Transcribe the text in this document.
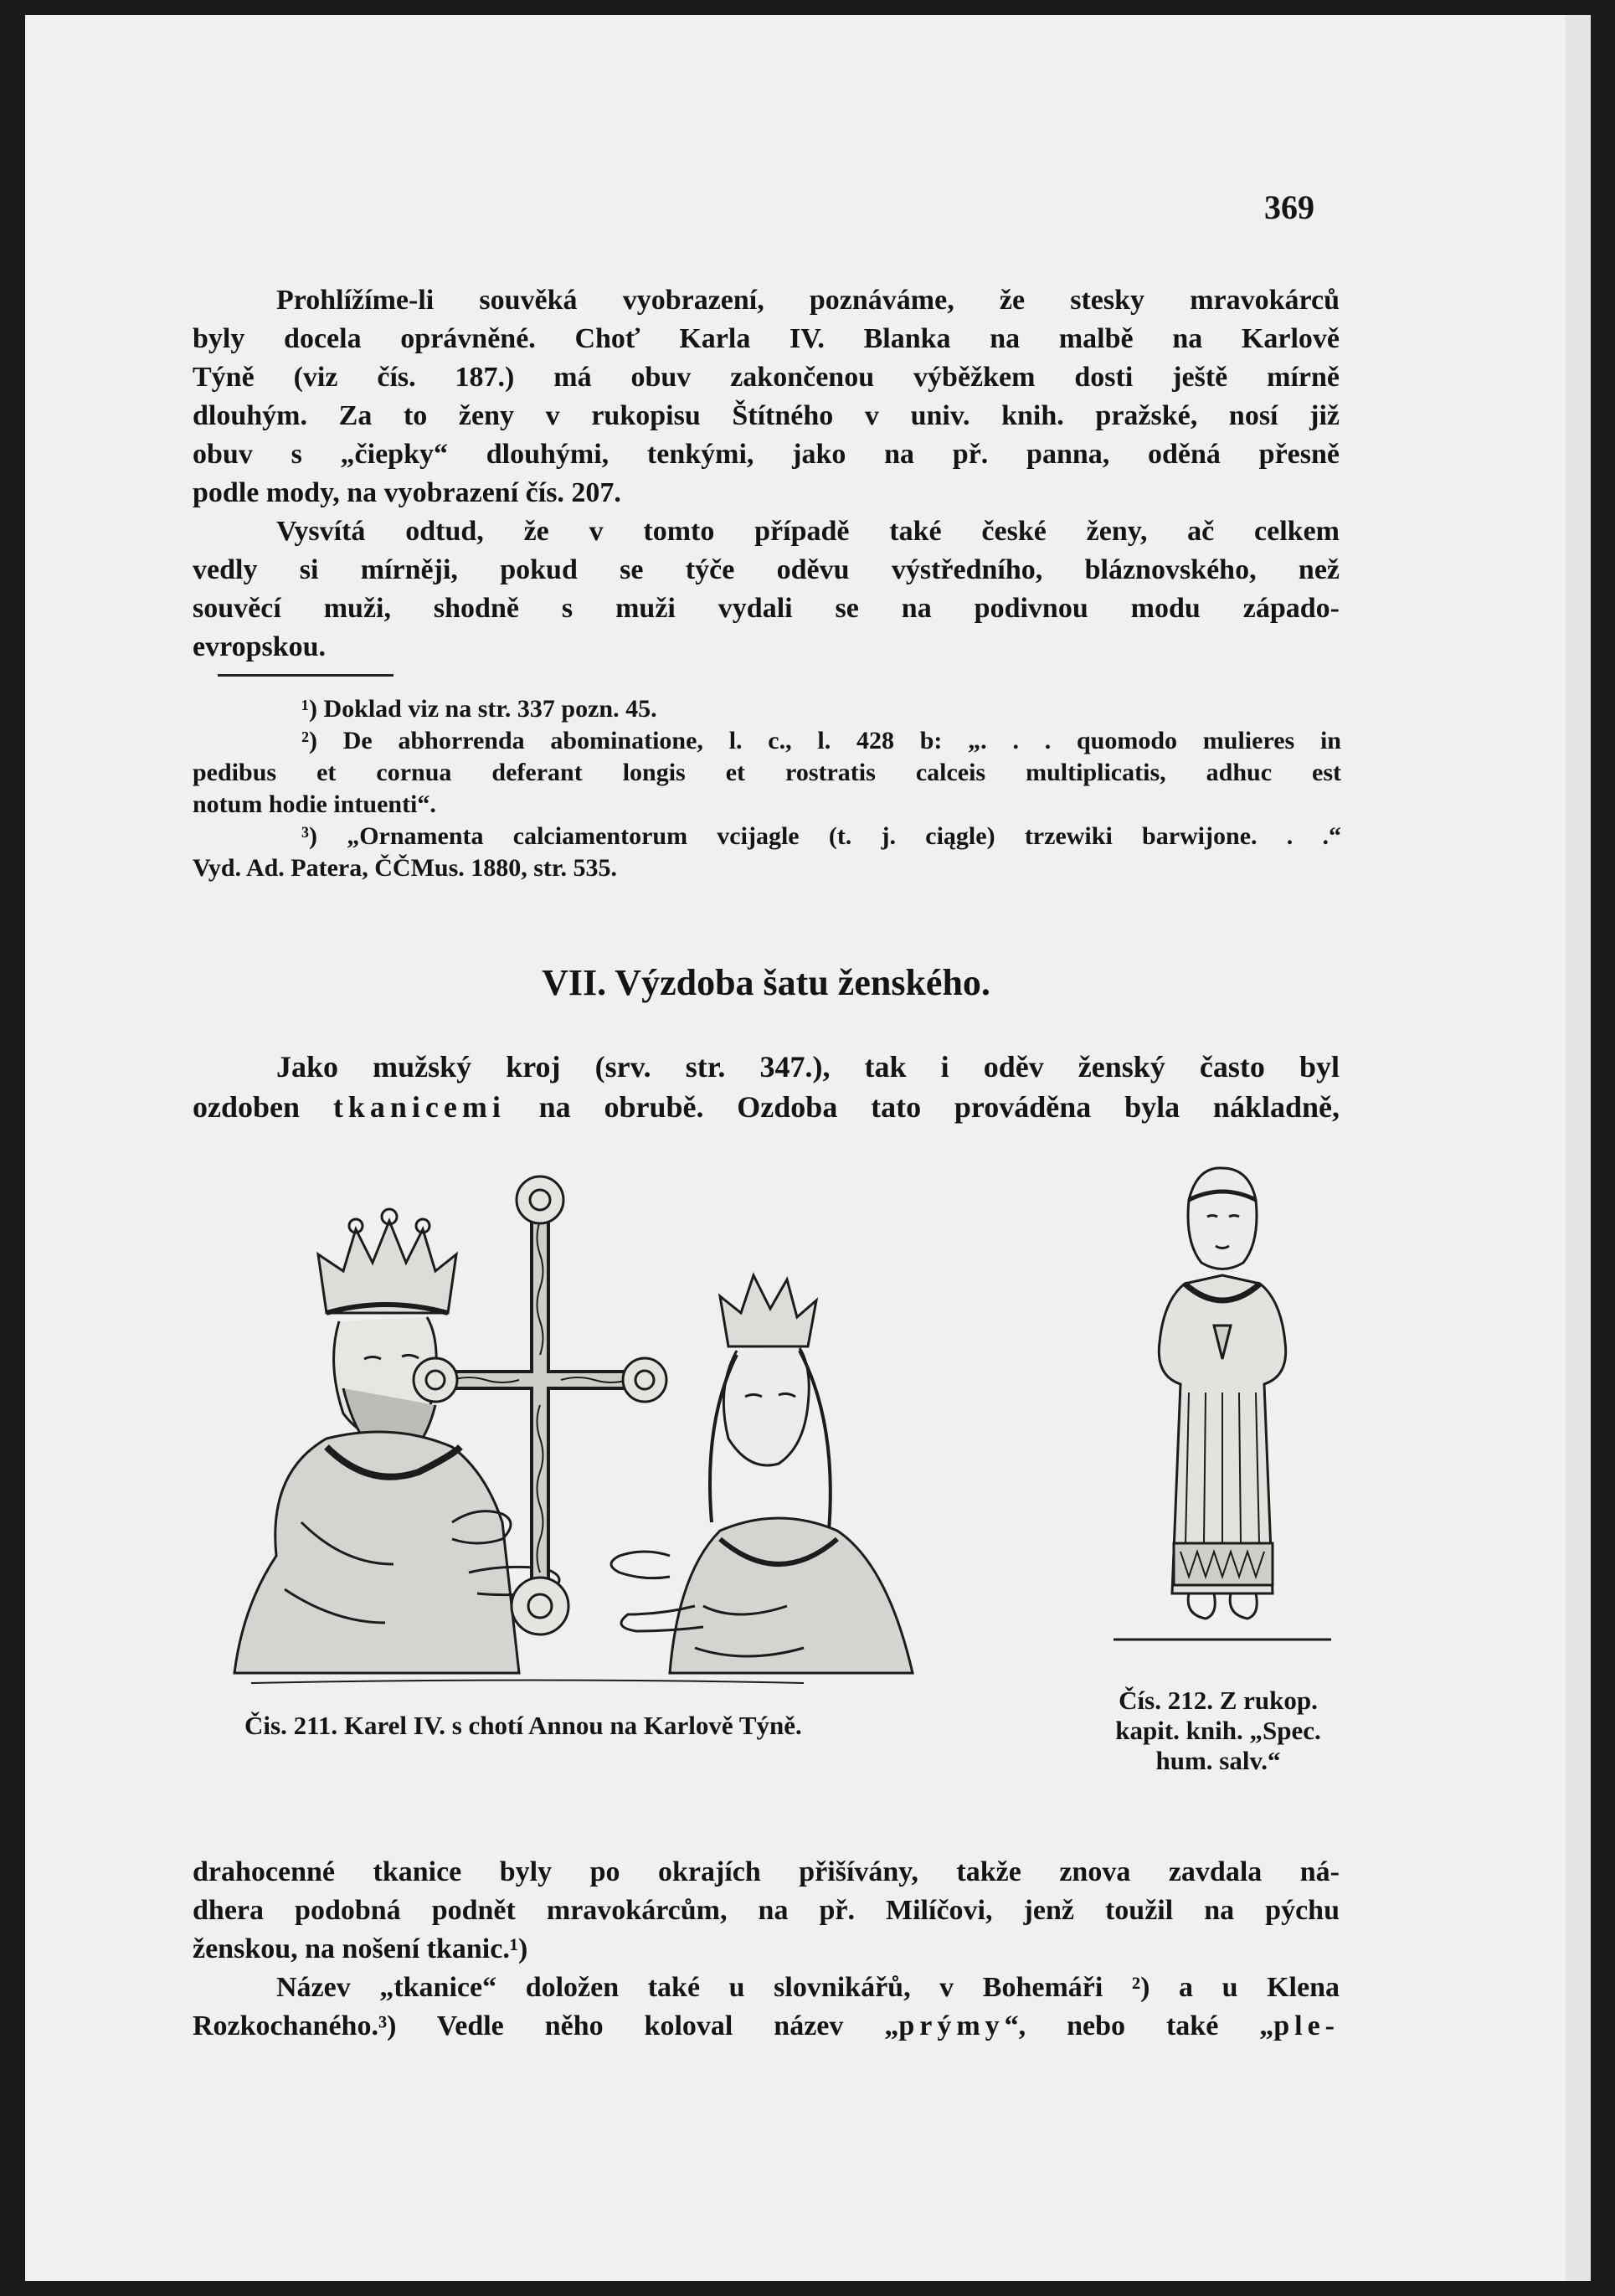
369
Prohlížíme-li souvěká vyobrazení, poznáváme, že stesky mravokárců
byly docela oprávněné. Choť Karla IV. Blanka na malbě na Karlově
Týně (viz čís. 187.) má obuv zakončenou výběžkem dosti ještě mírně
dlouhým. Za to ženy v rukopisu Štítného v univ. knih. pražské, nosí již
obuv s „čiepky“ dlouhými, tenkými, jako na př. panna, oděná přesně
podle mody, na vyobrazení čís. 207.
Vysvítá odtud, že v tomto případě také české ženy, ač celkem
vedly si mírněji, pokud se týče oděvu výstředního, bláznovského, než
souvěcí muži, shodně s muži vydali se na podivnou modu západo-
evropskou.
¹) Doklad viz na str. 337 pozn. 45.
²) De abhorrenda abominatione, l. c., l. 428 b: „. . . quomodo mulieres in
pedibus et cornua deferant longis et rostratis calceis multiplicatis, adhuc est
notum hodie intuenti“.
³) „Ornamenta calciamentorum vcijagle (t. j. ciągle) trzewiki barwijone. . .“
Vyd. Ad. Patera, ČČMus. 1880, str. 535.
VII. Výzdoba šatu ženského.
Jako mužský kroj (srv. str. 347.), tak i oděv ženský často byl
ozdoben tkanicemi na obrubě. Ozdoba tato prováděna byla nákladně,
Čis. 211. Karel IV. s chotí Annou na Karlově Týně.
Čís. 212. Z rukop.
kapit. knih. „Spec.
hum. salv.“
drahocenné tkanice byly po okrajích přišívány, takže znova zavdala ná-
dhera podobná podnět mravokárcům, na př. Milíčovi, jenž toužil na pýchu
ženskou, na nošení tkanic.¹)
Název „tkanice“ doložen také u slovnikářů, v Bohemáři ²) a u Klena
Rozkochaného.³) Vedle něho koloval název „prýmy“, nebo také „ple-
